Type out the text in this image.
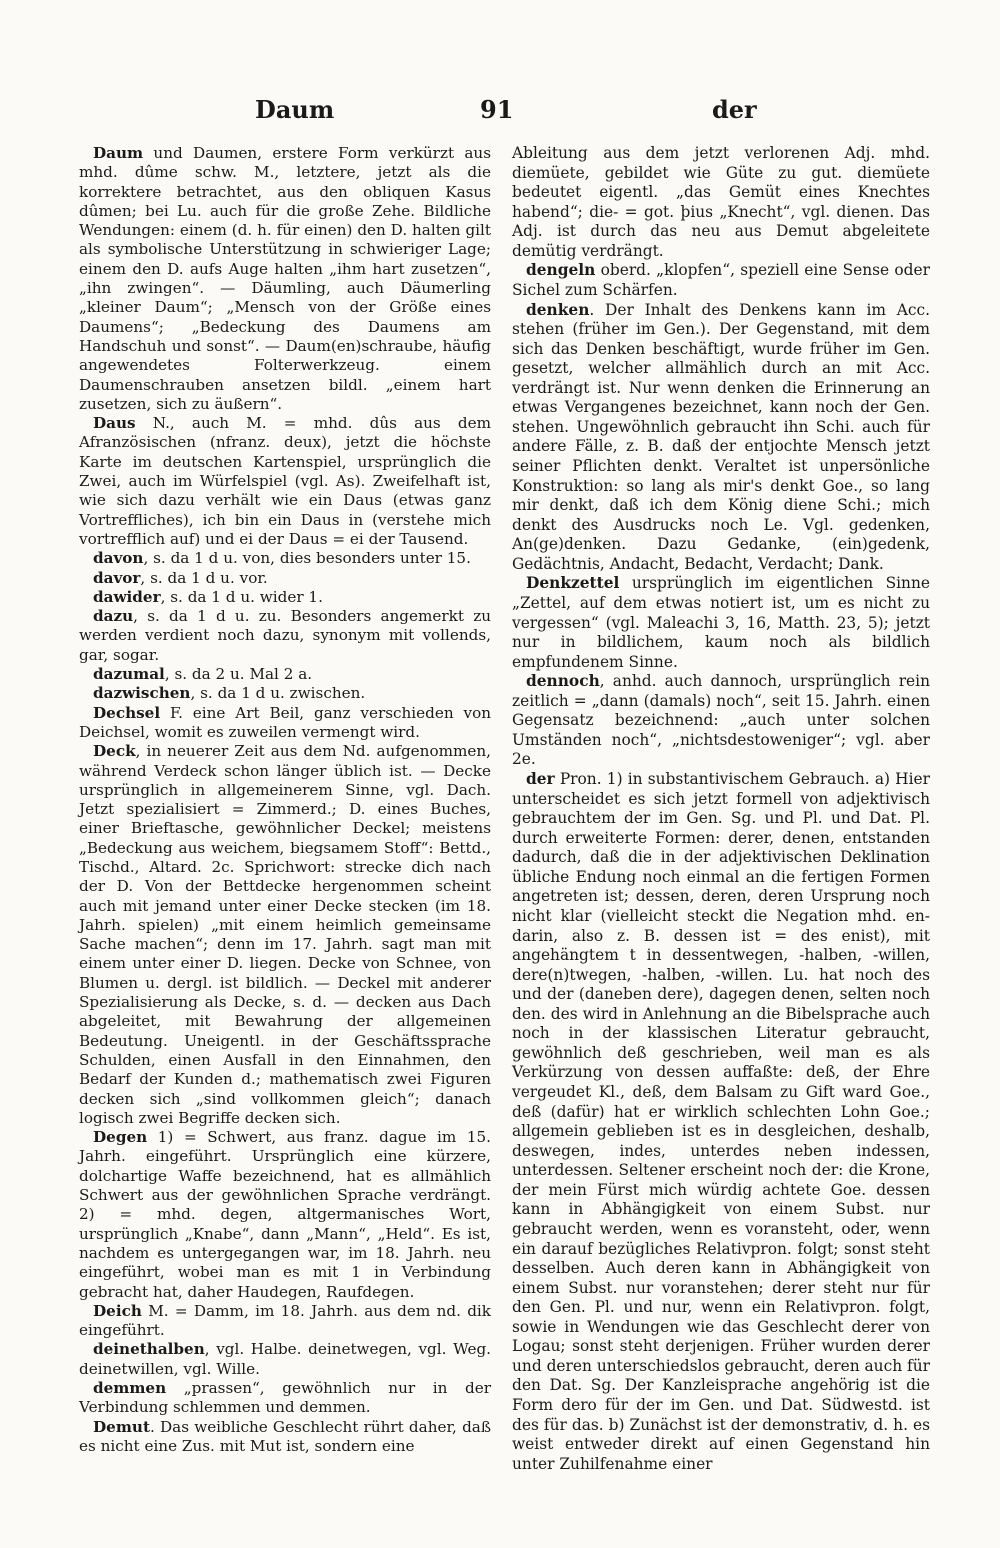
Daum	91	der

Daum und Daumen, erstere Form verkürzt aus mhd. dûme schw. M., letztere, jetzt als die korrektere betrachtet, aus den obliquen Kasus dûmen; bei Lu. auch für die große Zehe. Bildliche Wendungen: einem (d. h. für einen) den D. halten gilt als symbolische Unterstützung in schwieriger Lage; einem den D. aufs Auge halten „ihm hart zusetzen“, „ihn zwingen“. — Däumling, auch Däumerling „kleiner Daum“; „Mensch von der Größe eines Daumens“; „Bedeckung des Daumens am Handschuh und sonst“. — Daum(en)schraube, häufig angewendetes Folterwerkzeug. einem Daumenschrauben ansetzen bildl. „einem hart zusetzen, sich zu äußern“.

Daus N., auch M. = mhd. dûs aus dem Afranzösischen (nfranz. deux), jetzt die höchste Karte im deutschen Kartenspiel, ursprünglich die Zwei, auch im Würfelspiel (vgl. As). Zweifelhaft ist, wie sich dazu verhält wie ein Daus (etwas ganz Vortreffliches), ich bin ein Daus in (verstehe mich vortrefflich auf) und ei der Daus = ei der Tausend.

davon, s. da 1 d u. von, dies besonders unter 15.

davor, s. da 1 d u. vor.

dawider, s. da 1 d u. wider 1.

dazu, s. da 1 d u. zu. Besonders angemerkt zu werden verdient noch dazu, synonym mit vollends, gar, sogar.

dazumal, s. da 2 u. Mal 2 a.

dazwischen, s. da 1 d u. zwischen.

Dechsel F. eine Art Beil, ganz verschieden von Deichsel, womit es zuweilen vermengt wird.

Deck, in neuerer Zeit aus dem Nd. aufgenommen, während Verdeck schon länger üblich ist. — Decke ursprünglich in allgemeinerem Sinne, vgl. Dach. Jetzt spezialisiert = Zimmerd.; D. eines Buches, einer Brieftasche, gewöhnlicher Deckel; meistens „Bedeckung aus weichem, biegsamem Stoff“: Bettd., Tischd., Altard. 2c. Sprichwort: strecke dich nach der D. Von der Bettdecke hergenommen scheint auch mit jemand unter einer Decke stecken (im 18. Jahrh. spielen) „mit einem heimlich gemeinsame Sache machen“; denn im 17. Jahrh. sagt man mit einem unter einer D. liegen. Decke von Schnee, von Blumen u. dergl. ist bildlich. — Deckel mit anderer Spezialisierung als Decke, s. d. — decken aus Dach abgeleitet, mit Bewahrung der allgemeinen Bedeutung. Uneigentl. in der Geschäftssprache Schulden, einen Ausfall in den Einnahmen, den Bedarf der Kunden d.; mathematisch zwei Figuren decken sich „sind vollkommen gleich“; danach logisch zwei Begriffe decken sich.

Degen 1) = Schwert, aus franz. dague im 15. Jahrh. eingeführt. Ursprünglich eine kürzere, dolchartige Waffe bezeichnend, hat es allmählich Schwert aus der gewöhnlichen Sprache verdrängt. 2) = mhd. degen, altgermanisches Wort, ursprünglich „Knabe“, dann „Mann“, „Held“. Es ist, nachdem es untergegangen war, im 18. Jahrh. neu eingeführt, wobei man es mit 1 in Verbindung gebracht hat, daher Haudegen, Raufdegen.

Deich M. = Damm, im 18. Jahrh. aus dem nd. dik eingeführt.

deinethalben, vgl. Halbe. deinetwegen, vgl. Weg. deinetwillen, vgl. Wille.

demmen „prassen“, gewöhnlich nur in der Verbindung schlemmen und demmen.

Demut. Das weibliche Geschlecht rührt daher, daß es nicht eine Zus. mit Mut ist, sondern eine

Ableitung aus dem jetzt verlorenen Adj. mhd. diemüete, gebildet wie Güte zu gut. diemüete bedeutet eigentl. „das Gemüt eines Knechtes habend“; die- = got. þius „Knecht“, vgl. dienen. Das Adj. ist durch das neu aus Demut abgeleitete demütig verdrängt.

dengeln oberd. „klopfen“, speziell eine Sense oder Sichel zum Schärfen.

denken. Der Inhalt des Denkens kann im Acc. stehen (früher im Gen.). Der Gegenstand, mit dem sich das Denken beschäftigt, wurde früher im Gen. gesetzt, welcher allmählich durch an mit Acc. verdrängt ist. Nur wenn denken die Erinnerung an etwas Vergangenes bezeichnet, kann noch der Gen. stehen. Ungewöhnlich gebraucht ihn Schi. auch für andere Fälle, z. B. daß der entjochte Mensch jetzt seiner Pflichten denkt. Veraltet ist unpersönliche Konstruktion: so lang als mir's denkt Goe., so lang mir denkt, daß ich dem König diene Schi.; mich denkt des Ausdrucks noch Le. Vgl. gedenken, An(ge)denken. Dazu Gedanke, (ein)gedenk, Gedächtnis, Andacht, Bedacht, Verdacht; Dank.

Denkzettel ursprünglich im eigentlichen Sinne „Zettel, auf dem etwas notiert ist, um es nicht zu vergessen“ (vgl. Maleachi 3, 16, Matth. 23, 5); jetzt nur in bildlichem, kaum noch als bildlich empfundenem Sinne.

dennoch, anhd. auch dannoch, ursprünglich rein zeitlich = „dann (damals) noch“, seit 15. Jahrh. einen Gegensatz bezeichnend: „auch unter solchen Umständen noch“, „nichtsdestoweniger“; vgl. aber 2e.

der Pron. 1) in substantivischem Gebrauch. a) Hier unterscheidet es sich jetzt formell von adjektivisch gebrauchtem der im Gen. Sg. und Pl. und Dat. Pl. durch erweiterte Formen: derer, denen, entstanden dadurch, daß die in der adjektivischen Deklination übliche Endung noch einmal an die fertigen Formen angetreten ist; dessen, deren, deren Ursprung noch nicht klar (vielleicht steckt die Negation mhd. en- darin, also z. B. dessen ist = des enist), mit angehängtem t in dessentwegen, -halben, -willen, dere(n)twegen, -halben, -willen. Lu. hat noch des und der (daneben dere), dagegen denen, selten noch den. des wird in Anlehnung an die Bibelsprache auch noch in der klassischen Literatur gebraucht, gewöhnlich deß geschrieben, weil man es als Verkürzung von dessen auffaßte: deß, der Ehre vergeudet Kl., deß, dem Balsam zu Gift ward Goe., deß (dafür) hat er wirklich schlechten Lohn Goe.; allgemein geblieben ist es in desgleichen, deshalb, deswegen, indes, unterdes neben indessen, unterdessen. Seltener erscheint noch der: die Krone, der mein Fürst mich würdig achtete Goe. dessen kann in Abhängigkeit von einem Subst. nur gebraucht werden, wenn es voransteht, oder, wenn ein darauf bezügliches Relativpron. folgt; sonst steht desselben. Auch deren kann in Abhängigkeit von einem Subst. nur voranstehen; derer steht nur für den Gen. Pl. und nur, wenn ein Relativpron. folgt, sowie in Wendungen wie das Geschlecht derer von Logau; sonst steht derjenigen. Früher wurden derer und deren unterschiedslos gebraucht, deren auch für den Dat. Sg. Der Kanzleisprache angehörig ist die Form dero für der im Gen. und Dat. Südwestd. ist des für das. b) Zunächst ist der demonstrativ, d. h. es weist entweder direkt auf einen Gegenstand hin unter Zuhilfenahme einer
